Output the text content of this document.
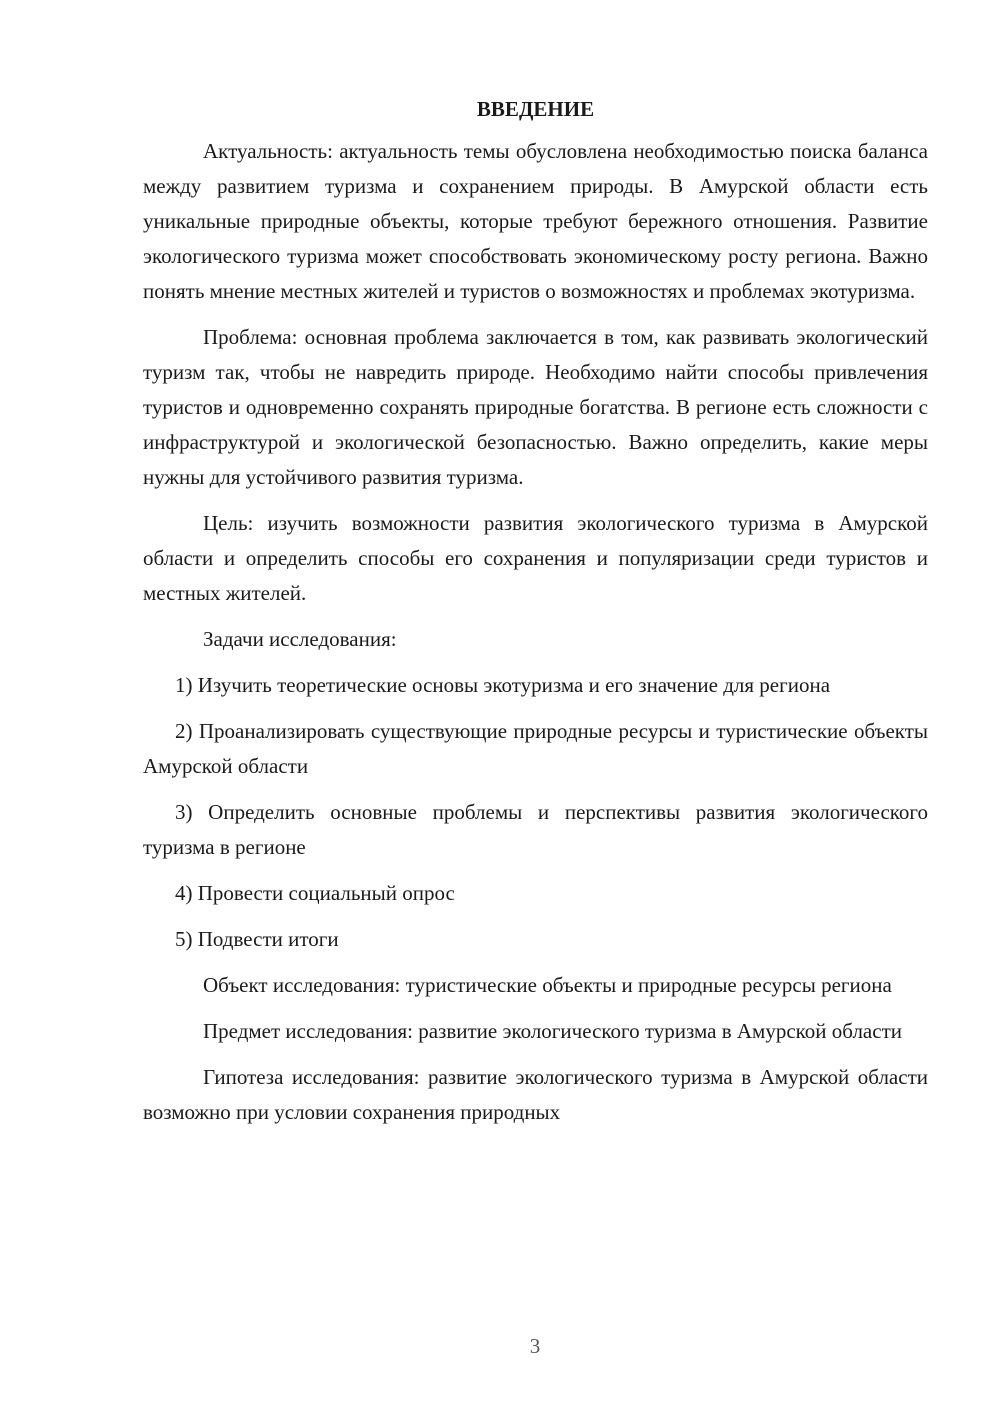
ВВЕДЕНИЕ

Актуальность: актуальность темы обусловлена необходимостью поиска баланса между развитием туризма и сохранением природы. В Амурской области есть уникальные природные объекты, которые требуют бережного отношения. Развитие экологического туризма может способствовать экономическому росту региона. Важно понять мнение местных жителей и туристов о возможностях и проблемах экотуризма.

Проблема: основная проблема заключается в том, как развивать экологический туризм так, чтобы не навредить природе. Необходимо найти способы привлечения туристов и одновременно сохранять природные богатства. В регионе есть сложности с инфраструктурой и экологической безопасностью. Важно определить, какие меры нужны для устойчивого развития туризма.

Цель: изучить возможности развития экологического туризма в Амурской области и определить способы его сохранения и популяризации среди туристов и местных жителей.

Задачи исследования:

1) Изучить теоретические основы экотуризма и его значение для региона

2) Проанализировать существующие природные ресурсы и туристические объекты Амурской области

3) Определить основные проблемы и перспективы развития экологического туризма в регионе

4) Провести социальный опрос

5) Подвести итоги

Объект исследования: туристические объекты и природные ресурсы региона

Предмет исследования: развитие экологического туризма в Амурской области

Гипотеза исследования: развитие экологического туризма в Амурской области возможно при условии сохранения природных

3
